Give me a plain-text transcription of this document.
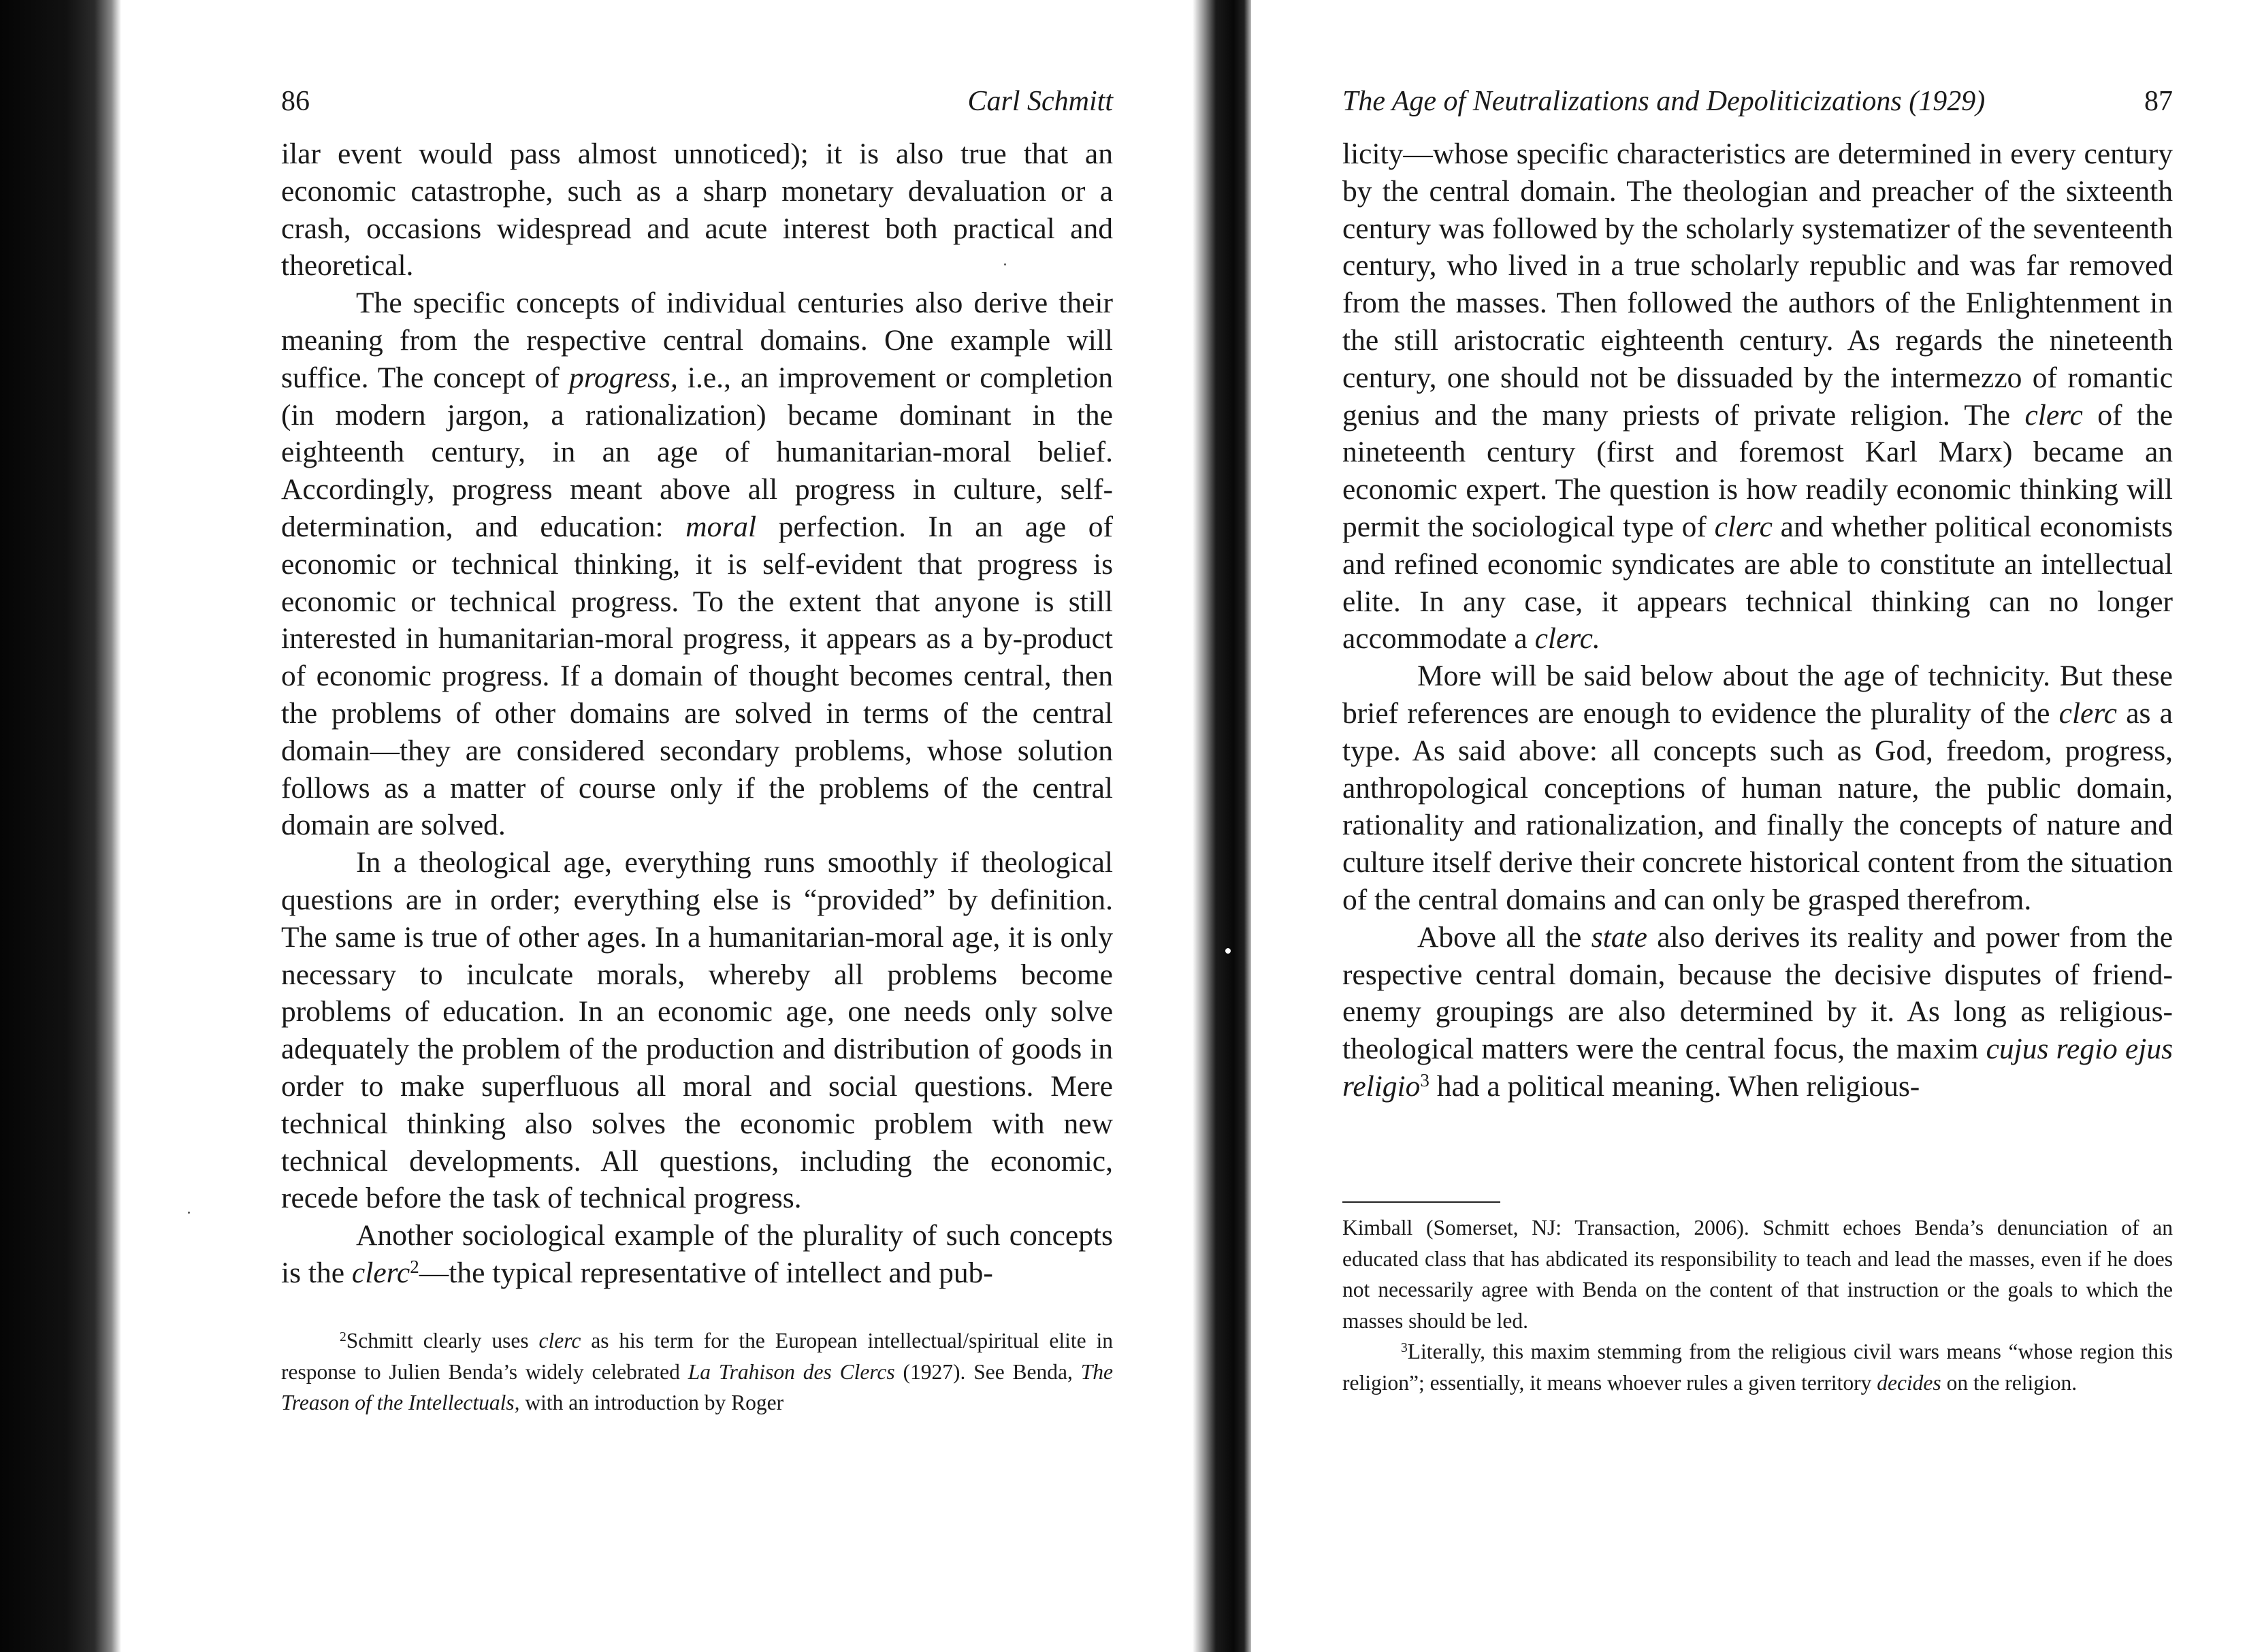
86	Carl Schmitt

ilar event would pass almost unnoticed); it is also true that an economic catastrophe, such as a sharp monetary devaluation or a crash, occasions widespread and acute interest both practical and theoretical.

The specific concepts of individual centuries also derive their meaning from the respective central domains. One example will suffice. The concept of progress, i.e., an improvement or completion (in modern jargon, a rationalization) became dominant in the eighteenth century, in an age of humanitarian-moral belief. Accordingly, progress meant above all progress in culture, self-determination, and education: moral perfection. In an age of economic or technical thinking, it is self-evident that progress is economic or technical progress. To the extent that anyone is still interested in humanitarian-moral progress, it appears as a by-product of economic progress. If a domain of thought becomes central, then the problems of other domains are solved in terms of the central domain—they are considered secondary problems, whose solution follows as a matter of course only if the problems of the central domain are solved.

In a theological age, everything runs smoothly if theological questions are in order; everything else is “provided” by definition. The same is true of other ages. In a humanitarian-moral age, it is only necessary to inculcate morals, whereby all problems become problems of education. In an economic age, one needs only solve adequately the problem of the production and distribution of goods in order to make superfluous all moral and social questions. Mere technical thinking also solves the economic problem with new technical developments. All questions, including the economic, recede before the task of technical progress.

Another sociological example of the plurality of such concepts is the clerc$^2$—the typical representative of intellect and pub-

$^2$Schmitt clearly uses clerc as his term for the European intellectual/spiritual elite in response to Julien Benda’s widely celebrated La Trahison des Clercs (1927). See Benda, The Treason of the Intellectuals, with an introduction by Roger

The Age of Neutralizations and Depoliticizations (1929)	87

licity—whose specific characteristics are determined in every century by the central domain. The theologian and preacher of the sixteenth century was followed by the scholarly systematizer of the seventeenth century, who lived in a true scholarly republic and was far removed from the masses. Then followed the authors of the Enlightenment in the still aristocratic eighteenth century. As regards the nineteenth century, one should not be dissuaded by the intermezzo of romantic genius and the many priests of private religion. The clerc of the nineteenth century (first and foremost Karl Marx) became an economic expert. The question is how readily economic thinking will permit the sociological type of clerc and whether political economists and refined economic syndicates are able to constitute an intellectual elite. In any case, it appears technical thinking can no longer accommodate a clerc.

More will be said below about the age of technicity. But these brief references are enough to evidence the plurality of the clerc as a type. As said above: all concepts such as God, freedom, progress, anthropological conceptions of human nature, the public domain, rationality and rationalization, and finally the concepts of nature and culture itself derive their concrete historical content from the situation of the central domains and can only be grasped therefrom.

Above all the state also derives its reality and power from the respective central domain, because the decisive disputes of friend-enemy groupings are also determined by it. As long as religious-theological matters were the central focus, the maxim cujus regio ejus religio$^3$ had a political meaning. When religious-

Kimball (Somerset, NJ: Transaction, 2006). Schmitt echoes Benda’s denunciation of an educated class that has abdicated its responsibility to teach and lead the masses, even if he does not necessarily agree with Benda on the content of that instruction or the goals to which the masses should be led.

$^3$Literally, this maxim stemming from the religious civil wars means “whose region this religion”; essentially, it means whoever rules a given territory decides on the religion.
